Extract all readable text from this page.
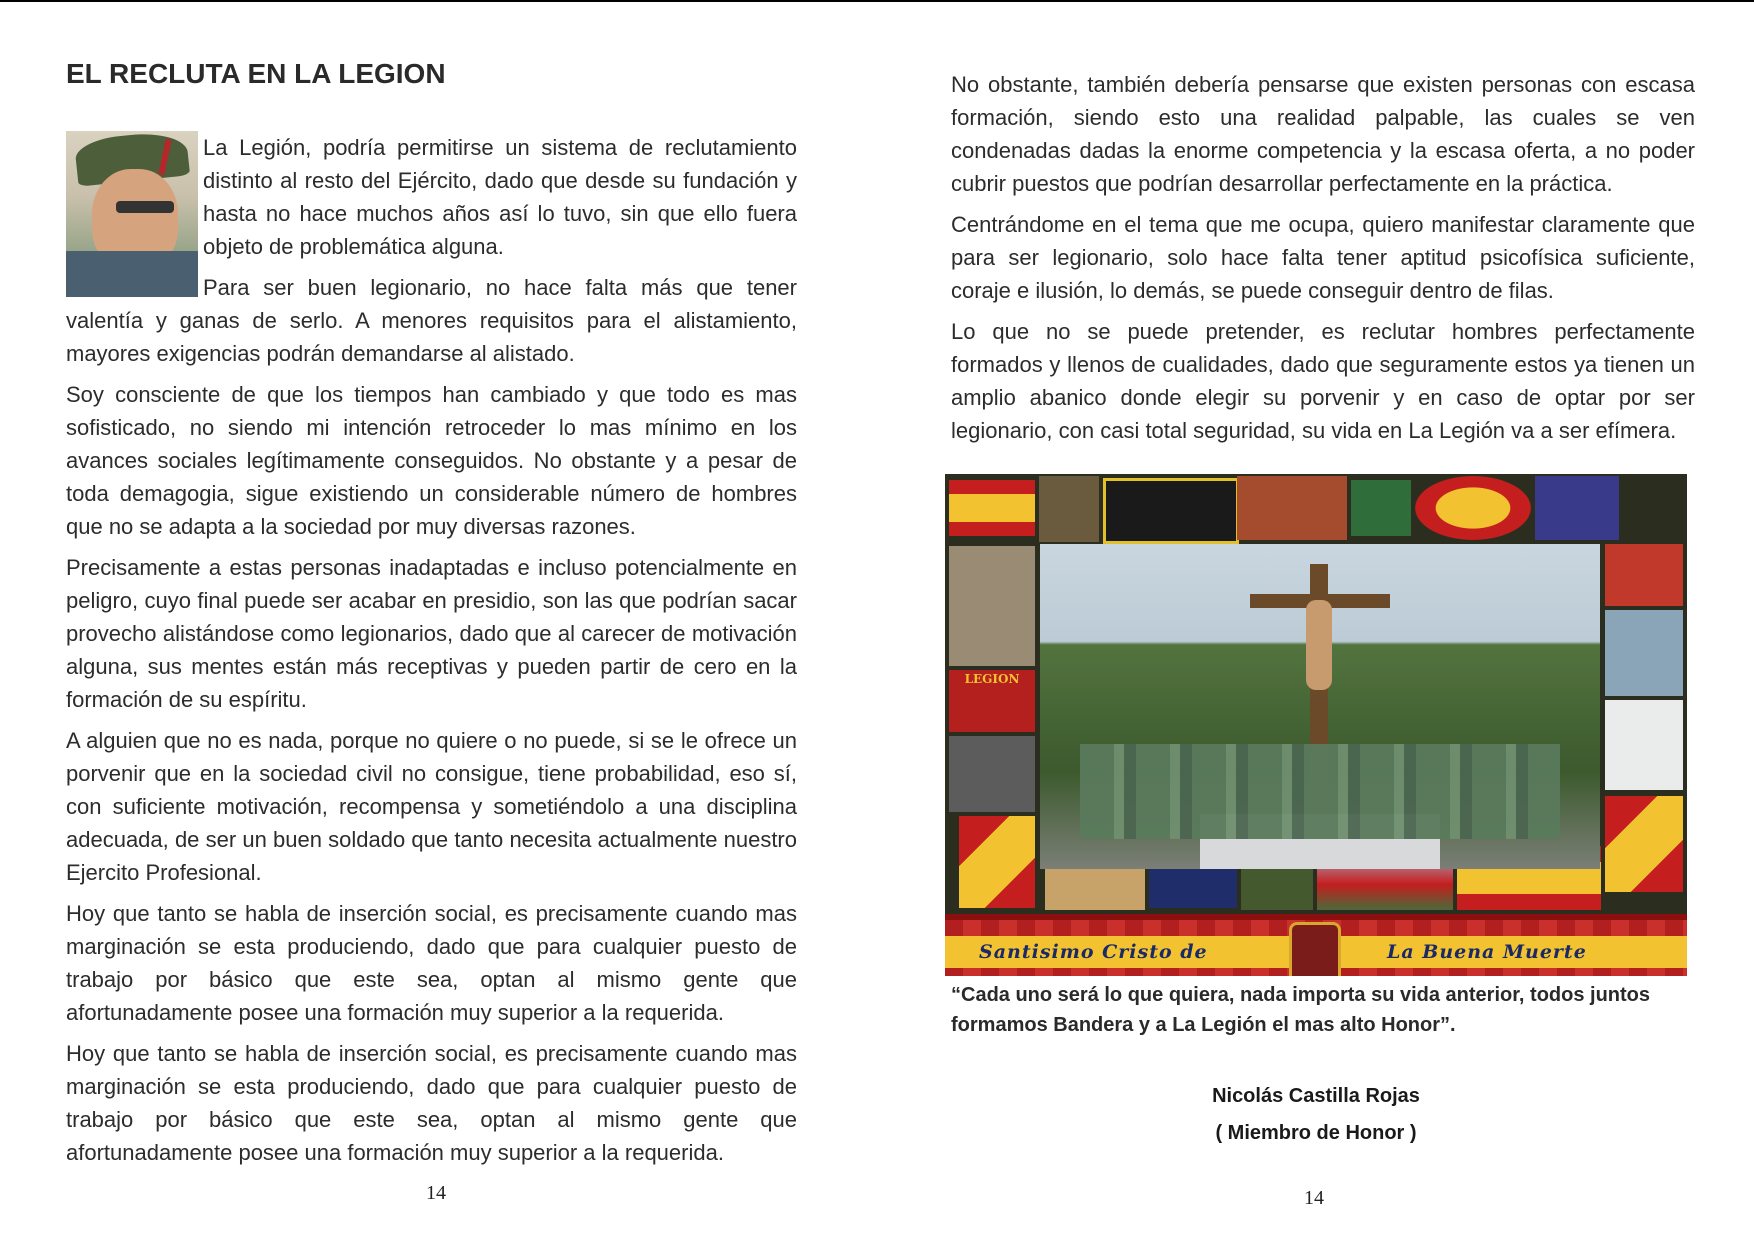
EL RECLUTA EN LA LEGION

La Legión, podría permitirse un sistema de reclutamiento distinto al resto del Ejército, dado que desde su fundación y hasta no hace muchos años así lo tuvo, sin que ello fuera objeto de problemática alguna.

Para ser buen legionario, no hace falta más que tener valentía y ganas de serlo. A menores requisitos para el alistamiento, mayores exigencias podrán demandarse al alistado.

Soy consciente de que los tiempos han cambiado y que todo es mas sofisticado, no siendo mi intención retroceder lo mas mínimo en los avances sociales legítimamente conseguidos. No obstante y a pesar de toda demagogia, sigue existiendo un considerable número de hombres que no se adapta a la sociedad por muy diversas razones.

Precisamente a estas personas inadaptadas e incluso potencialmente en peligro, cuyo final puede ser acabar en presidio, son las que podrían sacar provecho alistándose como legionarios, dado que al carecer de motivación alguna, sus mentes están más receptivas y pueden partir de cero en la formación de su espíritu.

A alguien que no es nada, porque no quiere o no puede, si se le ofrece un porvenir que en la sociedad civil no consigue, tiene probabilidad, eso sí, con suficiente motivación, recompensa y sometiéndolo a una disciplina adecuada, de ser un buen soldado que tanto necesita actualmente nuestro Ejercito Profesional.

Hoy que tanto se habla de inserción social, es precisamente cuando mas marginación se esta produciendo, dado que para cualquier puesto de trabajo por básico que este sea, optan al mismo gente que afortunadamente posee una formación muy superior a la requerida.

Hoy que tanto se habla de inserción social, es precisamente cuando mas marginación se esta produciendo, dado que para cualquier puesto de trabajo por básico que este sea, optan al mismo gente que afortunadamente posee una formación muy superior a la requerida.

14

No obstante, también debería pensarse que existen personas con escasa formación, siendo esto una realidad palpable, las cuales se ven condenadas dadas la enorme competencia y la escasa oferta, a no poder cubrir puestos que podrían desarrollar perfectamente en la práctica.

Centrándome en el tema que me ocupa, quiero manifestar claramente que para ser legionario, solo hace falta tener aptitud psicofísica suficiente, coraje e ilusión, lo demás, se puede conseguir dentro de filas.

Lo que no se puede pretender, es reclutar hombres perfectamente formados y llenos de cualidades, dado que seguramente estos ya tienen un amplio abanico donde elegir su porvenir y en caso de optar por ser legionario, con casi total seguridad, su vida en La Legión va a ser efímera.

LEGION
Santisimo Cristo de	La Buena Muerte

“Cada uno será lo que quiera, nada importa su vida anterior, todos juntos formamos Bandera y a La Legión el mas alto Honor”.

Nicolás Castilla Rojas

( Miembro de Honor )

14
